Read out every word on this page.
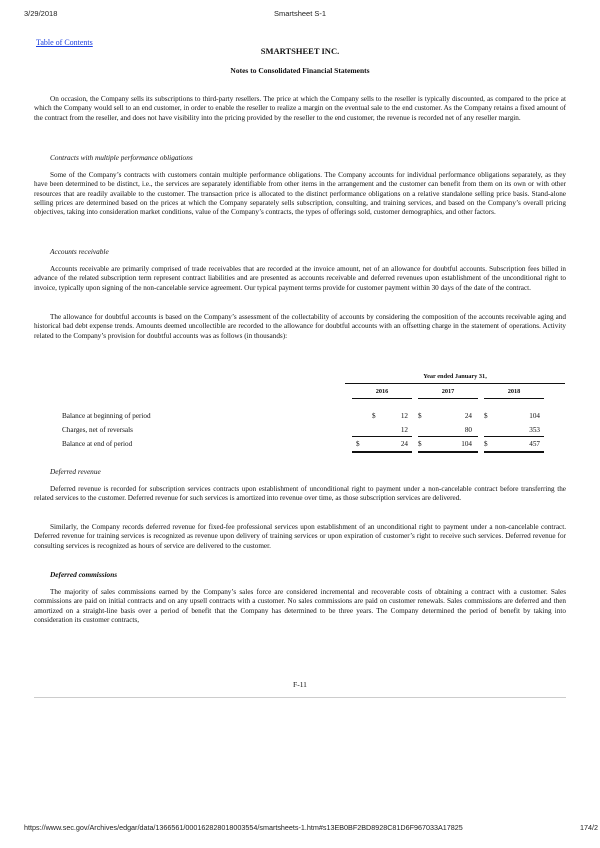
3/29/2018	Smartsheet S-1
Table of Contents
SMARTSHEET INC.
Notes to Consolidated Financial Statements
On occasion, the Company sells its subscriptions to third-party resellers. The price at which the Company sells to the reseller is typically discounted, as compared to the price at which the Company would sell to an end customer, in order to enable the reseller to realize a margin on the eventual sale to the end customer. As the Company retains a fixed amount of the contract from the reseller, and does not have visibility into the pricing provided by the reseller to the end customer, the revenue is recorded net of any reseller margin.
Contracts with multiple performance obligations
Some of the Company’s contracts with customers contain multiple performance obligations. The Company accounts for individual performance obligations separately, as they have been determined to be distinct, i.e., the services are separately identifiable from other items in the arrangement and the customer can benefit from them on its own or with other resources that are readily available to the customer. The transaction price is allocated to the distinct performance obligations on a relative standalone selling price basis. Stand-alone selling prices are determined based on the prices at which the Company separately sells subscription, consulting, and training services, and based on the Company’s overall pricing objectives, taking into consideration market conditions, value of the Company’s contracts, the types of offerings sold, customer demographics, and other factors.
Accounts receivable
Accounts receivable are primarily comprised of trade receivables that are recorded at the invoice amount, net of an allowance for doubtful accounts. Subscription fees billed in advance of the related subscription term represent contract liabilities and are presented as accounts receivable and deferred revenues upon establishment of the unconditional right to invoice, typically upon signing of the non-cancelable service agreement. Our typical payment terms provide for customer payment within 30 days of the date of the contract.
The allowance for doubtful accounts is based on the Company’s assessment of the collectability of accounts by considering the composition of the accounts receivable aging and historical bad debt expense trends. Amounts deemed uncollectible are recorded to the allowance for doubtful accounts with an offsetting charge in the statement of operations. Activity related to the Company’s provision for doubtful accounts was as follows (in thousands):
Year ended January 31,
2016	2017	2018
Balance at beginning of period	$	12 $	24 $	104
Charges, net of reversals	12	80	353
Balance at end of period	$	24 $	104 $	457
Deferred revenue
Deferred revenue is recorded for subscription services contracts upon establishment of unconditional right to payment under a non-cancelable contract before transferring the related services to the customer. Deferred revenue for such services is amortized into revenue over time, as those subscription services are delivered.
Similarly, the Company records deferred revenue for fixed-fee professional services upon establishment of an unconditional right to payment under a non-cancelable contract. Deferred revenue for training services is recognized as revenue upon delivery of training services or upon expiration of customer’s right to receive such services. Deferred revenue for consulting services is recognized as hours of service are delivered to the customer.
Deferred commissions
The majority of sales commissions earned by the Company’s sales force are considered incremental and recoverable costs of obtaining a contract with a customer. Sales commissions are paid on initial contracts and on any upsell contracts with a customer. No sales commissions are paid on customer renewals. Sales commissions are deferred and then amortized on a straight-line basis over a period of benefit that the Company has determined to be three years. The Company determined the period of benefit by taking into consideration its customer contracts,
F-11
https://www.sec.gov/Archives/edgar/data/1366561/000162828018003554/smartsheets-1.htm#s13EB0BF2BD8928C81D6F967033A17825	174/2
